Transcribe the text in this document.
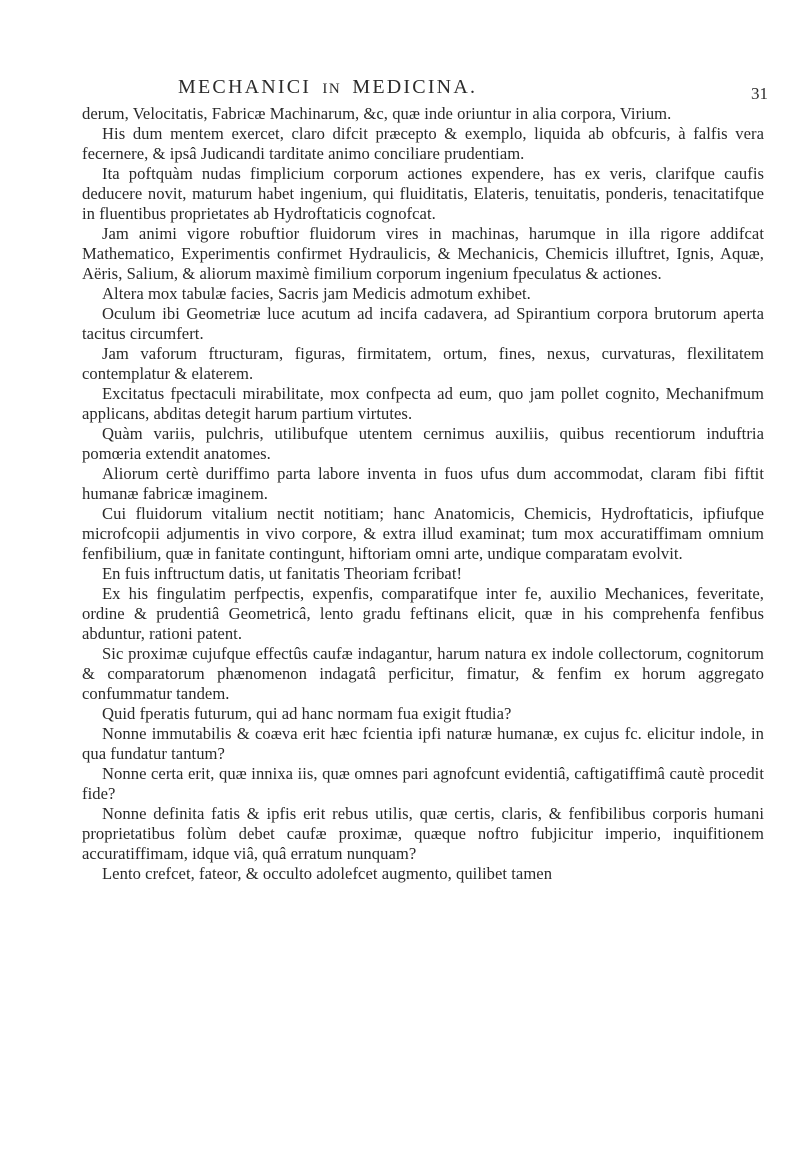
MECHANICI IN MEDICINA.	31

derum, Velocitatis, Fabricæ Machinarum, &c, quæ inde oriuntur in alia corpora, Virium.

His dum mentem exercet, claro difcit præcepto & exemplo, liquida ab obfcuris, à falfis vera fecernere, & ipsâ Judicandi tarditate animo conciliare prudentiam.

Ita poftquàm nudas fimplicium corporum actiones expendere, has ex veris, clarifque caufis deducere novit, maturum habet ingenium, qui fluiditatis, Elateris, tenuitatis, ponderis, tenacitatifque in fluentibus proprietates ab Hydroftaticis cognofcat.

Jam animi vigore robuftior fluidorum vires in machinas, harumque in illa rigore addifcat Mathematico, Experimentis confirmet Hydraulicis, & Mechanicis, Chemicis illuftret, Ignis, Aquæ, Aëris, Salium, & aliorum maximè fimilium corporum ingenium fpeculatus & actiones.

Altera mox tabulæ facies, Sacris jam Medicis admotum exhibet.

Oculum ibi Geometriæ luce acutum ad incifa cadavera, ad Spirantium corpora brutorum aperta tacitus circumfert.

Jam vaforum ftructuram, figuras, firmitatem, ortum, fines, nexus, curvaturas, flexilitatem contemplatur & elaterem.

Excitatus fpectaculi mirabilitate, mox confpecta ad eum, quo jam pollet cognito, Mechanifmum applicans, abditas detegit harum partium virtutes.

Quàm variis, pulchris, utilibufque utentem cernimus auxiliis, quibus recentiorum induftria pomœria extendit anatomes.

Aliorum certè duriffimo parta labore inventa in fuos ufus dum accommodat, claram fibi fiftit humanæ fabricæ imaginem.

Cui fluidorum vitalium nectit notitiam; hanc Anatomicis, Chemicis, Hydroftaticis, ipfiufque microfcopii adjumentis in vivo corpore, & extra illud examinat; tum mox accuratiffimam omnium fenfibilium, quæ in fanitate contingunt, hiftoriam omni arte, undique comparatam evolvit.

En fuis inftructum datis, ut fanitatis Theoriam fcribat!

Ex his fingulatim perfpectis, expenfis, comparatifque inter fe, auxilio Mechanices, feveritate, ordine & prudentiâ Geometricâ, lento gradu feftinans elicit, quæ in his comprehenfa fenfibus abduntur, rationi patent.

Sic proximæ cujufque effectûs caufæ indagantur, harum natura ex indole collectorum, cognitorum & comparatorum phænomenon indagatâ perficitur, fimatur, & fenfim ex horum aggregato confummatur tandem.

Quid fperatis futurum, qui ad hanc normam fua exigit ftudia?

Nonne immutabilis & coæva erit hæc fcientia ipfi naturæ humanæ, ex cujus fc. elicitur indole, in qua fundatur tantum?

Nonne certa erit, quæ innixa iis, quæ omnes pari agnofcunt evidentiâ, caftigatiffimâ cautè procedit fide?

Nonne definita fatis & ipfis erit rebus utilis, quæ certis, claris, & fenfibilibus corporis humani proprietatibus folùm debet caufæ proximæ, quæque noftro fubjicitur imperio, inquifitionem accuratiffimam, idque viâ, quâ erratum nunquam?

Lento crefcet, fateor, & occulto adolefcet augmento, quilibet tamen
